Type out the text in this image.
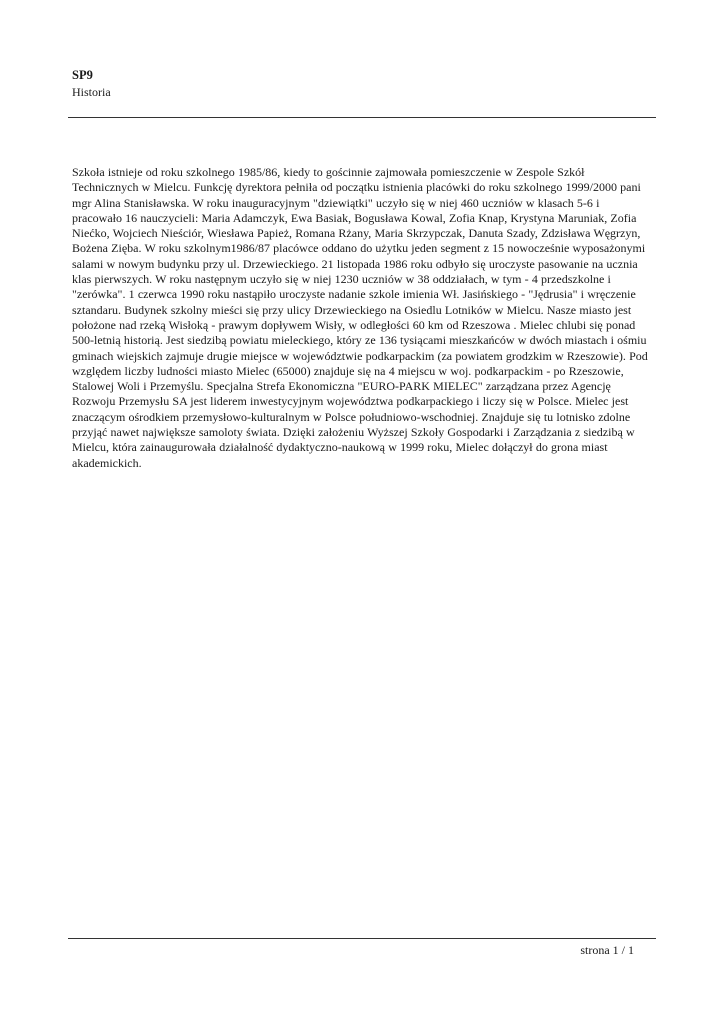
SP9
Historia

Szkoła istnieje od roku szkolnego 1985/86, kiedy to gościnnie zajmowała pomieszczenie w Zespole Szkół Technicznych w Mielcu. Funkcję dyrektora pełniła od początku istnienia placówki do roku szkolnego 1999/2000 pani mgr Alina Stanisławska. W roku inauguracyjnym "dziewiątki" uczyło się w niej 460 uczniów w klasach 5-6 i pracowało 16 nauczycieli: Maria Adamczyk, Ewa Basiak, Bogusława Kowal, Zofia Knap, Krystyna Maruniak, Zofia Niećko, Wojciech Nieściór, Wiesława Papież, Romana Rżany, Maria Skrzypczak, Danuta Szady, Zdzisława Węgrzyn, Bożena Zięba. W roku szkolnym1986/87 placówce oddano do użytku jeden segment z 15 nowocześnie wyposażonymi salami w nowym budynku przy ul. Drzewieckiego. 21 listopada 1986 roku odbyło się uroczyste pasowanie na ucznia klas pierwszych. W roku następnym uczyło się w niej 1230 uczniów w 38 oddziałach, w tym - 4 przedszkolne i "zerówka". 1 czerwca 1990 roku nastąpiło uroczyste nadanie szkole imienia Wł. Jasińskiego - "Jędrusia" i wręczenie sztandaru. Budynek szkolny mieści się przy ulicy Drzewieckiego na Osiedlu Lotników w Mielcu. Nasze miasto jest położone nad rzeką Wisłoką - prawym dopływem Wisły, w odległości 60 km od Rzeszowa . Mielec chlubi się ponad 500-letnią historią. Jest siedzibą powiatu mieleckiego, który ze 136 tysiącami mieszkańców w dwóch miastach i ośmiu gminach wiejskich zajmuje drugie miejsce w województwie podkarpackim (za powiatem grodzkim w Rzeszowie). Pod względem liczby ludności miasto Mielec (65000) znajduje się na 4 miejscu w woj. podkarpackim - po Rzeszowie, Stalowej Woli i Przemyślu. Specjalna Strefa Ekonomiczna "EURO-PARK MIELEC" zarządzana przez Agencję Rozwoju Przemysłu SA jest liderem inwestycyjnym województwa podkarpackiego i liczy się w Polsce. Mielec jest znaczącym ośrodkiem przemysłowo-kulturalnym w Polsce południowo-wschodniej. Znajduje się tu lotnisko zdolne przyjąć nawet największe samoloty świata. Dzięki założeniu Wyższej Szkoły Gospodarki i Zarządzania z siedzibą w Mielcu, która zainaugurowała działalność dydaktyczno-naukową w 1999 roku, Mielec dołączył do grona miast akademickich.

strona 1 / 1
